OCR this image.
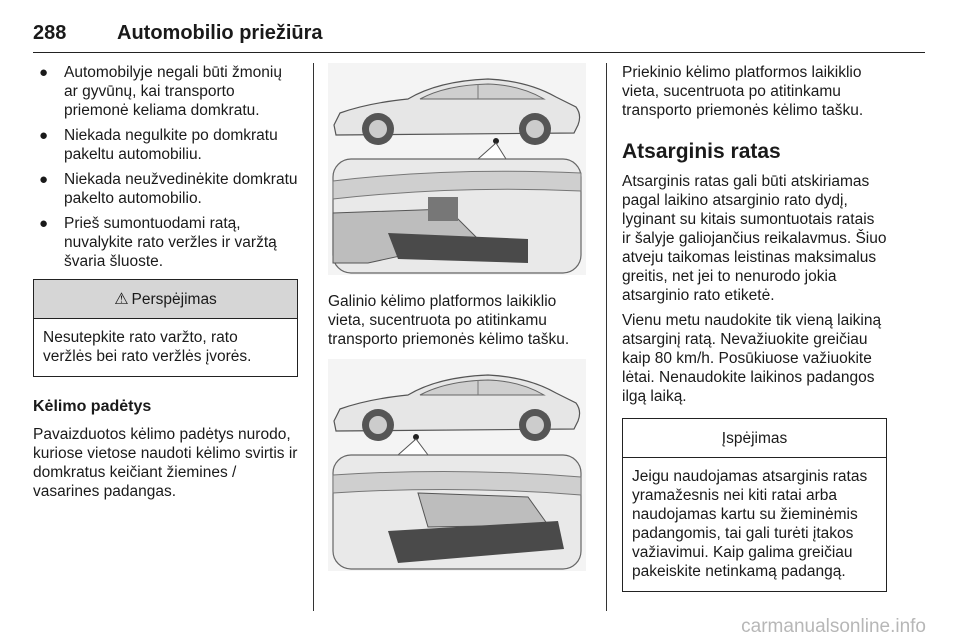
288	Automobilio priežiūra
● Automobilyje negali būti žmonių ar gyvūnų, kai transporto priemonė keliama domkratu.
● Niekada negulkite po domkratu pakeltu automobiliu.
● Niekada neužvedinėkite domkratu pakelto automobilio.
● Prieš sumontuodami ratą, nuvalykite rato veržles ir varžtą švaria šluoste.
⚠ Perspėjimas
Nesutepkite rato varžto, rato veržlės bei rato veržlės įvorės.
Kėlimo padėtys

Pavaizduotos kėlimo padėtys nurodo, kuriose vietose naudoti kėlimo svirtis ir domkratus keičiant žiemines / vasarines padangas.

Galinio kėlimo platformos laikiklio vieta, sucentruota po atitinkamu transporto priemonės kėlimo tašku.

Priekinio kėlimo platformos laikiklio vieta, sucentruota po atitinkamu transporto priemonės kėlimo tašku.

Atsarginis ratas

Atsarginis ratas gali būti atskiriamas pagal laikino atsarginio rato dydį, lyginant su kitais sumontuotais ratais ir šalyje galiojančius reikalavmus. Šiuo atveju taikomas leistinas maksimalus greitis, net jei to nenurodo jokia atsarginio rato etiketė.

Vienu metu naudokite tik vieną laikiną atsarginį ratą. Nevažiuokite greičiau kaip 80 km/h. Posūkiuose važiuokite lėtai. Nenaudokite laikinos padangos ilgą laiką.

Įspėjimas
Jeigu naudojamas atsarginis ratas yramažesnis nei kiti ratai arba naudojamas kartu su žieminėmis padangomis, tai gali turėti įtakos važiavimui. Kaip galima greičiau pakeiskite netinkamą padangą.
carmanualsonline.info
